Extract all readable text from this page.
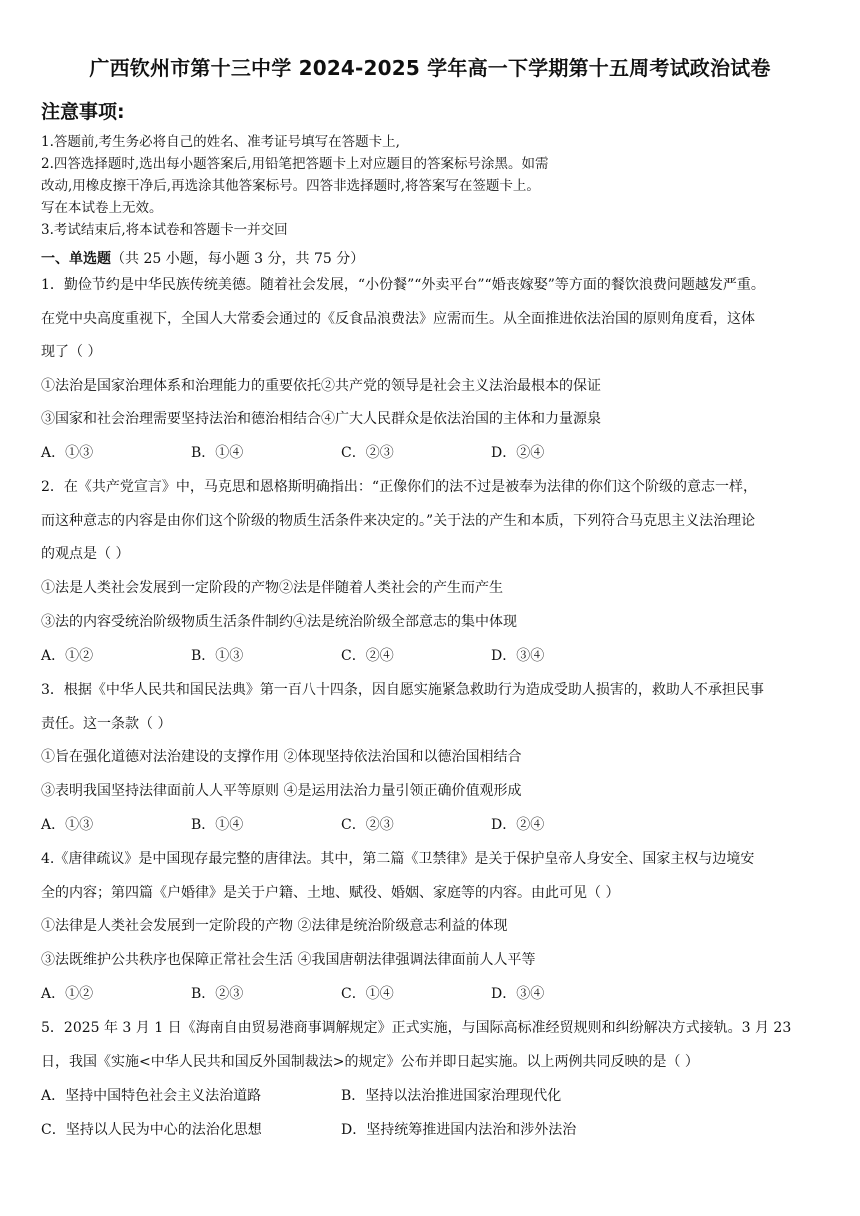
广西钦州市第十三中学 2024-2025 学年高一下学期第十五周考试政治试卷
注意事项:
1.答题前,考生务必将自己的姓名、准考证号填写在答题卡上,
2.四答选择题时,选出每小题答案后,用铅笔把答题卡上对应题目的答案标号涂黑。如需
改动,用橡皮擦干净后,再选涂其他答案标号。四答非选择题时,将答案写在签题卡上。
写在本试卷上无效。
3.考试结束后,将本试卷和答题卡一并交回
一、单选题（共 25 小题，每小题 3 分，共 75 分）
1．勤俭节约是中华民族传统美德。随着社会发展，“小份餐”“外卖平台”“婚丧嫁娶”等方面的餐饮浪费问题越发严重。
在党中央高度重视下，全国人大常委会通过的《反食品浪费法》应需而生。从全面推进依法治国的原则角度看，这体
现了（ ）
①法治是国家治理体系和治理能力的重要依托②共产党的领导是社会主义法治最根本的保证
③国家和社会治理需要坚持法治和德治相结合④广大人民群众是依法治国的主体和力量源泉
A．①③	B．①④	C．②③	D．②④
2．在《共产党宣言》中，马克思和恩格斯明确指出：“正像你们的法不过是被奉为法律的你们这个阶级的意志一样，
而这种意志的内容是由你们这个阶级的物质生活条件来决定的。”关于法的产生和本质，下列符合马克思主义法治理论
的观点是（ ）
①法是人类社会发展到一定阶段的产物②法是伴随着人类社会的产生而产生
③法的内容受统治阶级物质生活条件制约④法是统治阶级全部意志的集中体现
A．①②	B．①③	C．②④	D．③④
3．根据《中华人民共和国民法典》第一百八十四条，因自愿实施紧急救助行为造成受助人损害的，救助人不承担民事
责任。这一条款（ ）
①旨在强化道德对法治建设的支撑作用 ②体现坚持依法治国和以德治国相结合
③表明我国坚持法律面前人人平等原则 ④是运用法治力量引领正确价值观形成
A．①③	B．①④	C．②③	D．②④
4.《唐律疏议》是中国现存最完整的唐律法。其中，第二篇《卫禁律》是关于保护皇帝人身安全、国家主权与边境安
全的内容；第四篇《户婚律》是关于户籍、土地、赋役、婚姻、家庭等的内容。由此可见（ ）
①法律是人类社会发展到一定阶段的产物 ②法律是统治阶级意志利益的体现
③法既维护公共秩序也保障正常社会生活 ④我国唐朝法律强调法律面前人人平等
A．①②	B．②③	C．①④	D．③④
5．2025 年 3 月 1 日《海南自由贸易港商事调解规定》正式实施，与国际高标准经贸规则和纠纷解决方式接轨。3 月 23
日，我国《实施<中华人民共和国反外国制裁法>的规定》公布并即日起实施。以上两例共同反映的是（ ）
A．坚持中国特色社会主义法治道路	B．坚持以法治推进国家治理现代化
C．坚持以人民为中心的法治化思想	D．坚持统筹推进国内法治和涉外法治
